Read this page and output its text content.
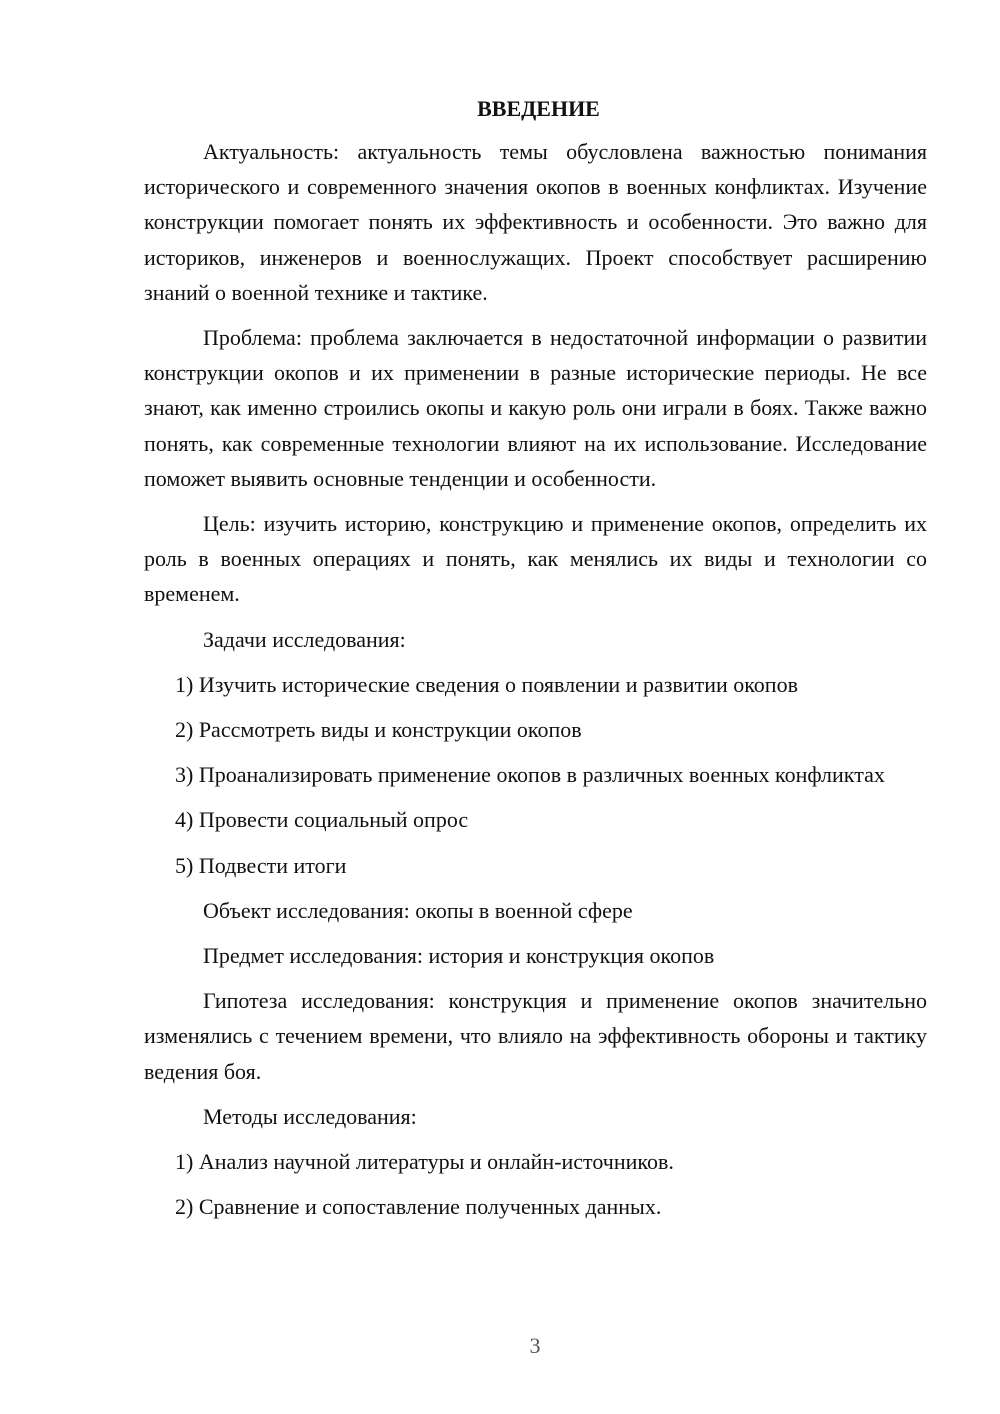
ВВЕДЕНИЕ

Актуальность: актуальность темы обусловлена важностью понимания исторического и современного значения окопов в военных конфликтах. Изучение конструкции помогает понять их эффективность и особенности. Это важно для историков, инженеров и военнослужащих. Проект способствует расширению знаний о военной технике и тактике.

Проблема: проблема заключается в недостаточной информации о развитии конструкции окопов и их применении в разные исторические периоды. Не все знают, как именно строились окопы и какую роль они играли в боях. Также важно понять, как современные технологии влияют на их использование. Исследование поможет выявить основные тенденции и особенности.

Цель: изучить историю, конструкцию и применение окопов, определить их роль в военных операциях и понять, как менялись их виды и технологии со временем.

Задачи исследования:

1) Изучить исторические сведения о появлении и развитии окопов

2) Рассмотреть виды и конструкции окопов

3) Проанализировать применение окопов в различных военных конфликтах

4) Провести социальный опрос

5) Подвести итоги

Объект исследования: окопы в военной сфере

Предмет исследования: история и конструкция окопов

Гипотеза исследования: конструкция и применение окопов значительно изменялись с течением времени, что влияло на эффективность обороны и тактику ведения боя.

Методы исследования:

1) Анализ научной литературы и онлайн-источников.

2) Сравнение и сопоставление полученных данных.

3
